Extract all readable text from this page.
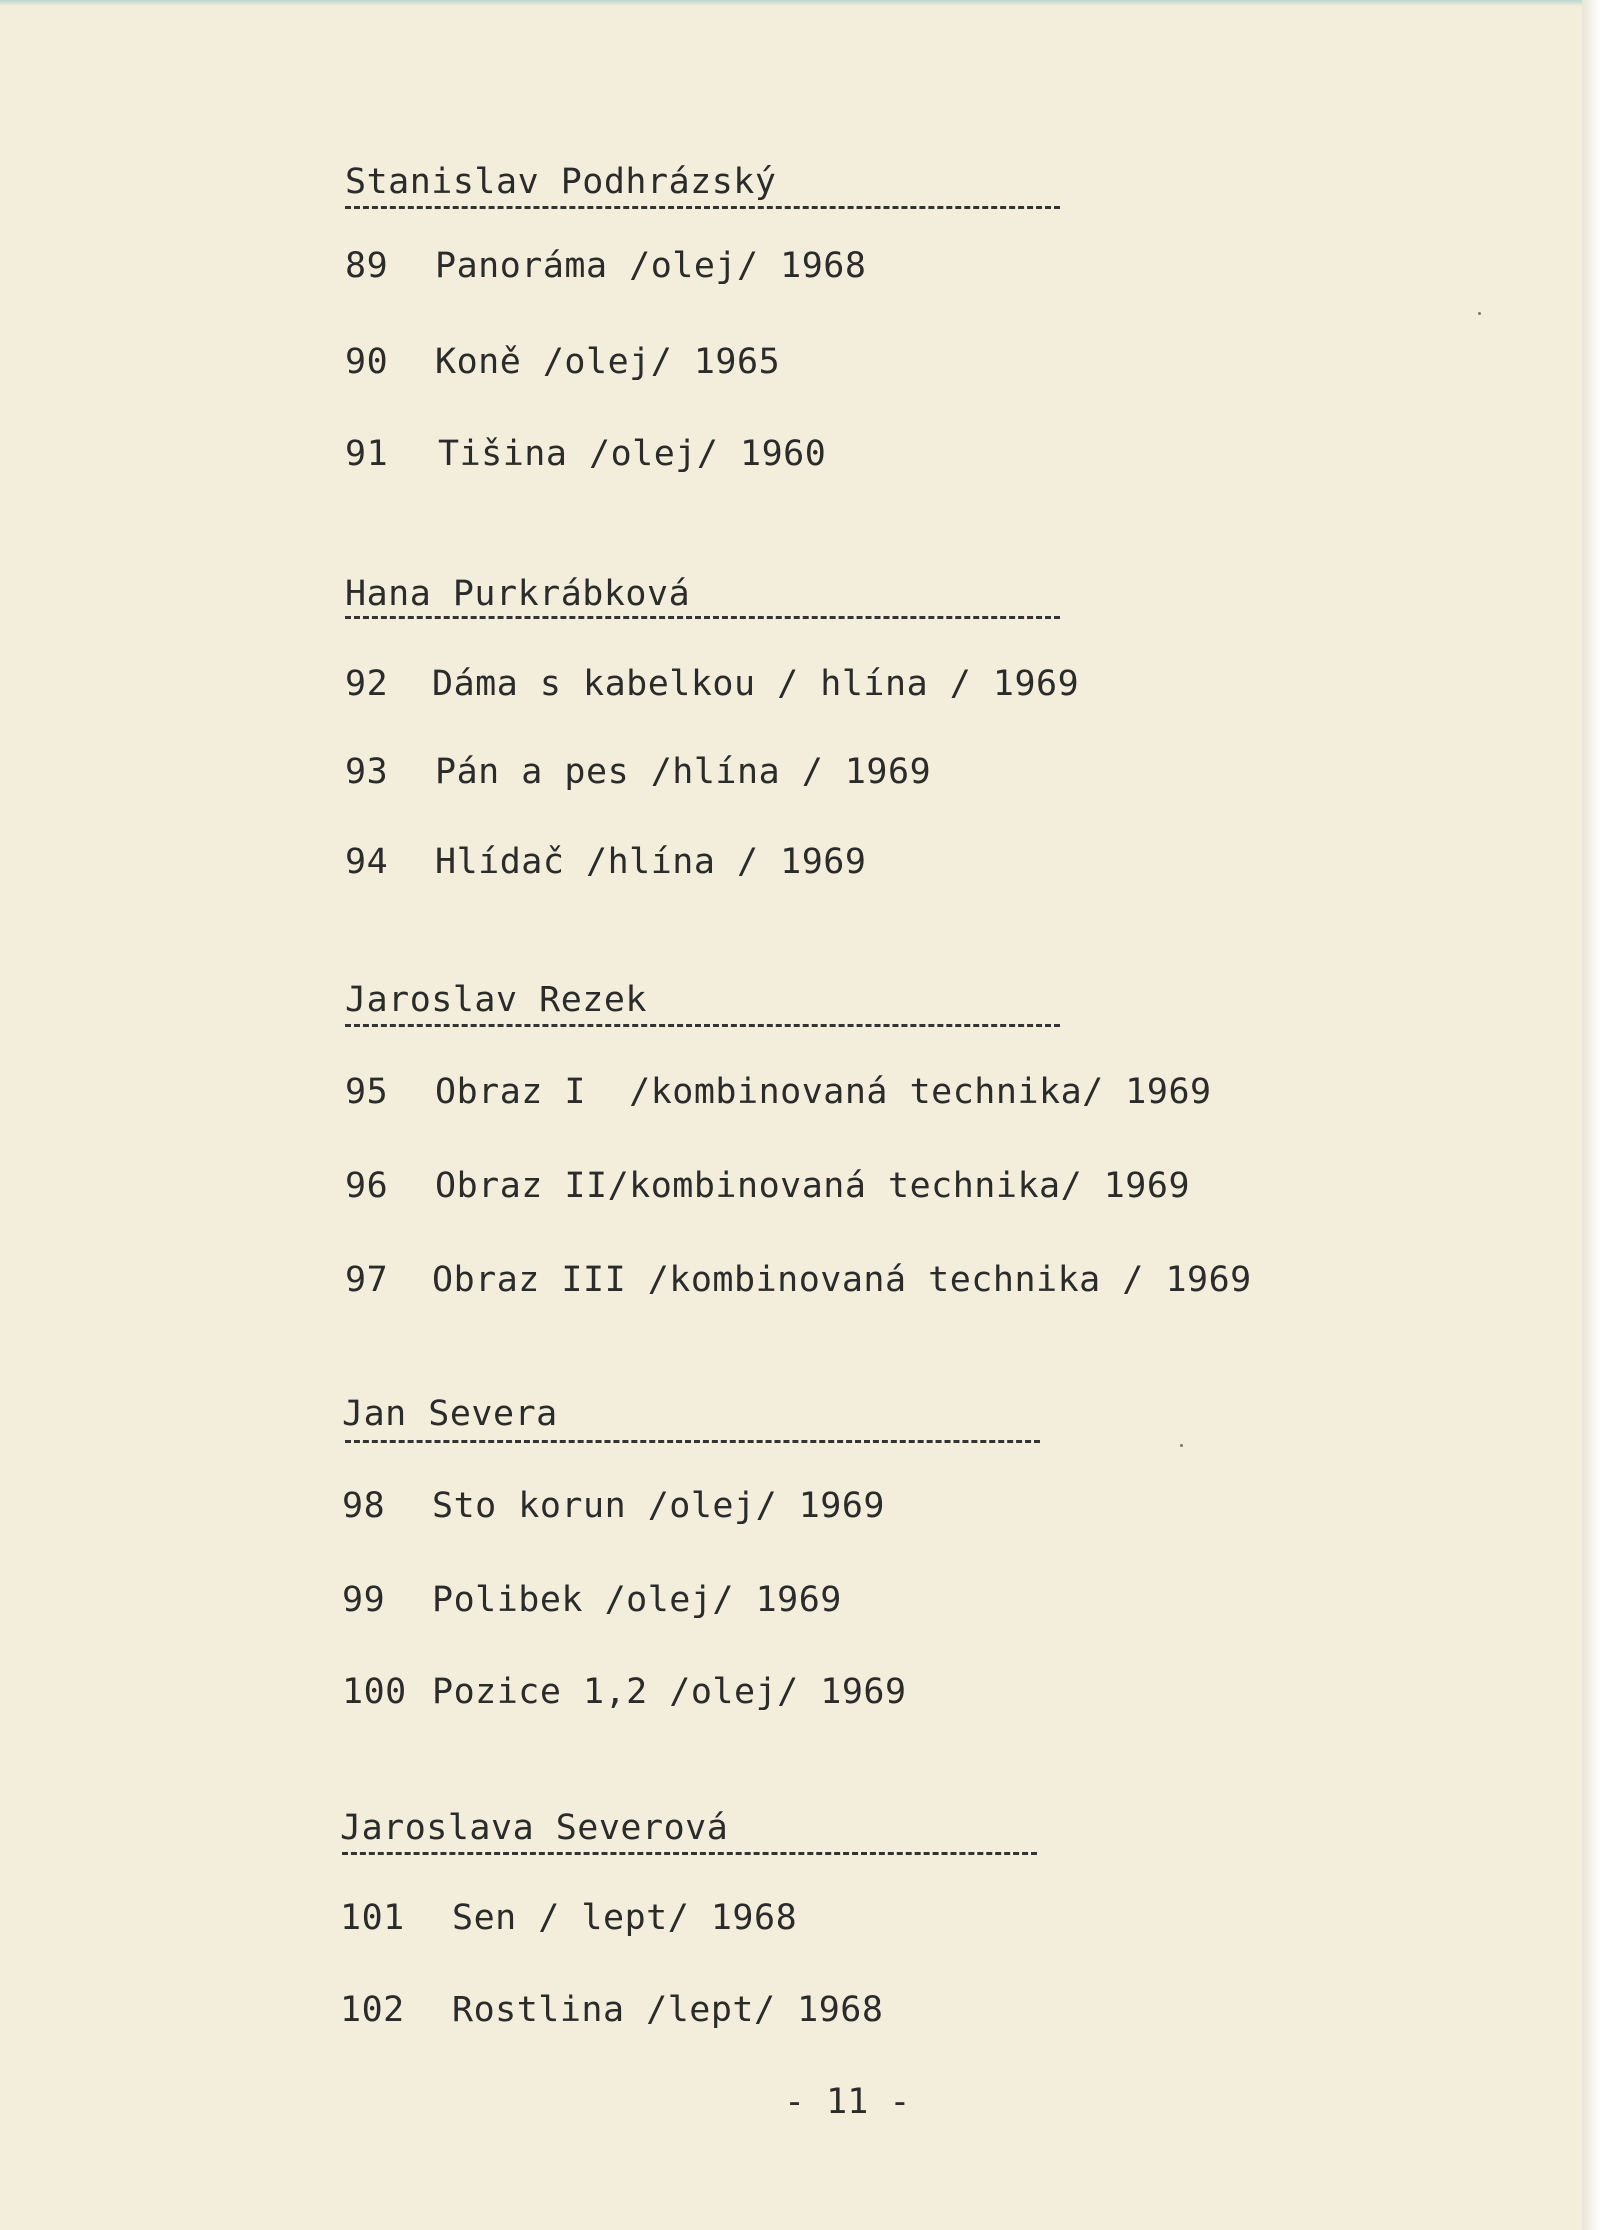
Stanislav Podhrázský
89 Panoráma /olej/ 1968
90 Koně /olej/ 1965
91 Tišina /olej/ 1960
Hana Purkrábková
92 Dáma s kabelkou / hlína / 1969
93 Pán a pes /hlína / 1969
94 Hlídač /hlína / 1969
Jaroslav Rezek
95 Obraz I  /kombinovaná technika/ 1969
96 Obraz II/kombinovaná technika/ 1969
97 Obraz III /kombinovaná technika / 1969
Jan Severa
98 Sto korun /olej/ 1969
99 Polibek /olej/ 1969
100 Pozice 1,2 /olej/ 1969
Jaroslava Severová
101 Sen / lept/ 1968
102 Rostlina /lept/ 1968
- 11 -
